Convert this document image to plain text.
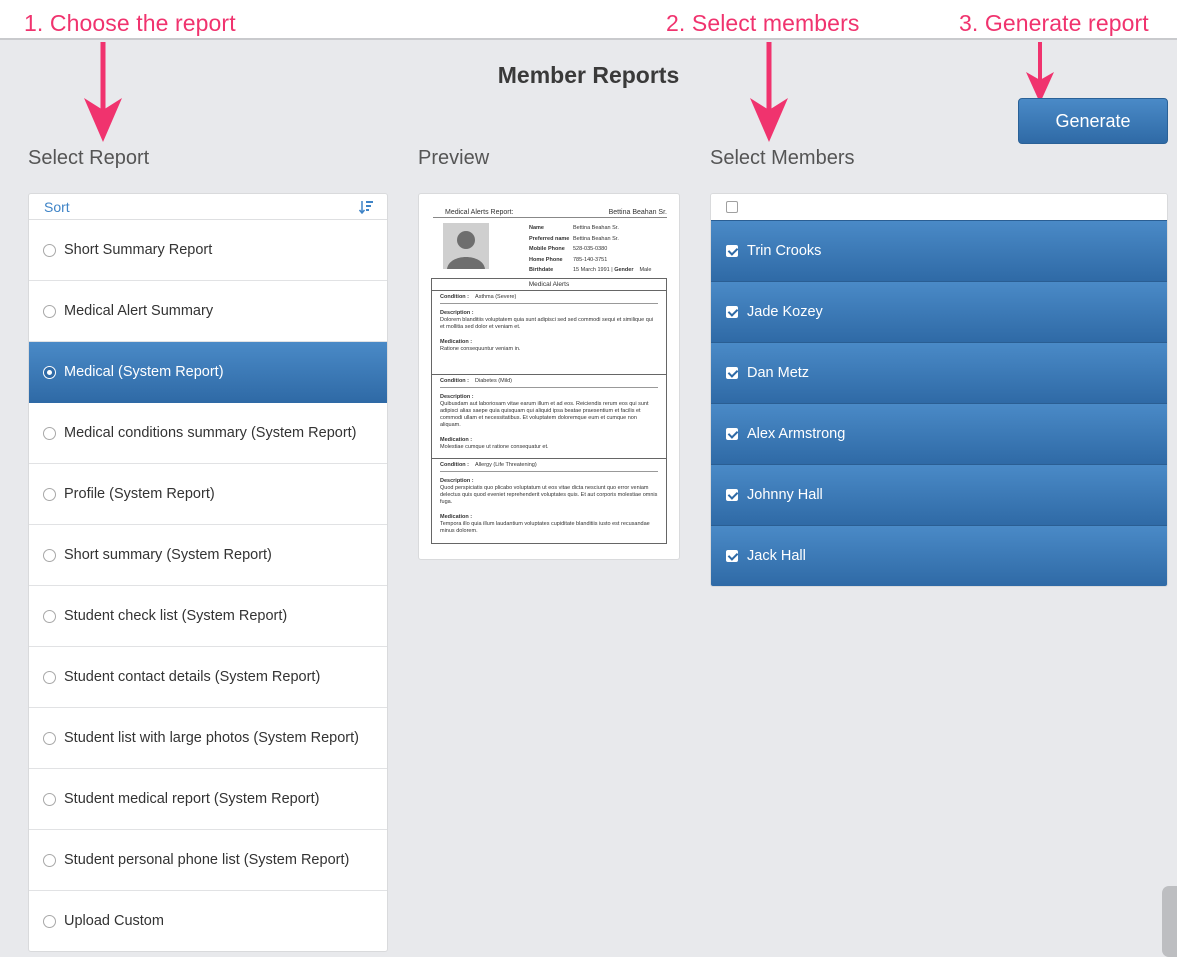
1. Choose the report	2. Select members	3. Generate report
Member Reports
Generate
Select Report	Preview	Select Members
Sort
Short Summary Report
Medical Alert Summary
Medical (System Report)
Medical conditions summary (System Report)
Profile (System Report)
Short summary (System Report)
Student check list (System Report)
Student contact details (System Report)
Student list with large photos (System Report)
Student medical report (System Report)
Student personal phone list (System Report)
Upload Custom
Medical Alerts Report:	Bettina Beahan Sr.
Name	Bettina Beahan Sr.
Preferred name Bettina Beahan Sr.
Mobile Phone 528-035-0380
Home Phone 785-140-3751
Birthdate	15 March 1991 | Gender Male
Medical Alerts
Condition : Asthma (Severe)
Description :
Dolorem blanditiis voluptatem quia sunt adipisci sed sed commodi sequi et similique qui et mollitia sed dolor et veniam et.
Medication :
Ratione consequuntur veniam in.
Condition : Diabetes (Mild)
Description :
Quibusdam aut laboriosam vitae earum illum et ad eos. Reiciendis rerum eos qui sunt adipisci alias saepe quia quisquam qui aliquid ipsa beatae praesentium et facilis et commodi ullam et necessitatibus. Et voluptatem doloremque eum et cumque non aliquam.
Medication :
Molestiae cumque ut ratione consequatur et.
Condition : Allergy (Life Threatening)
Description :
Quod perspiciatis quo plicabo voluptatum ut eos vitae dicta nesciunt quo error veniam delectus quis quod eveniet reprehenderit voluptates quis. Et aut corporis molestiae omnis fuga.
Medication :
Tempora illo quia illum laudantium voluptates cupiditate blanditiis iusto est recusandae minus dolorem.
Trin Crooks
Jade Kozey
Dan Metz
Alex Armstrong
Johnny Hall
Jack Hall
